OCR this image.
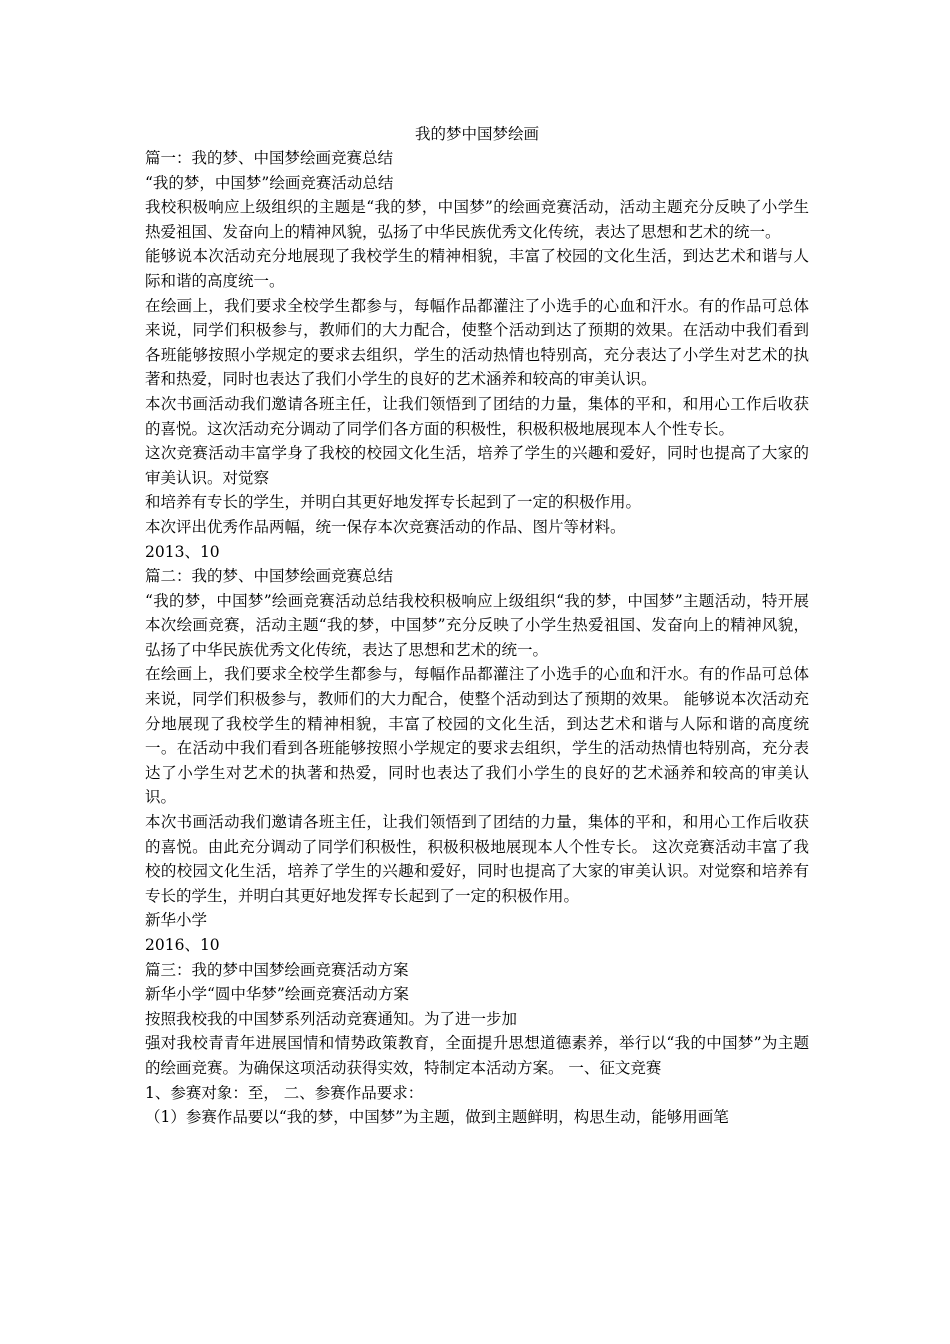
我的梦中国梦绘画

篇一：我的梦、中国梦绘画竞赛总结

“我的梦，中国梦”绘画竞赛活动总结

我校积极响应上级组织的主题是“我的梦，中国梦”的绘画竞赛活动，活动主题充分反映了小学生热爱祖国、发奋向上的精神风貌，弘扬了中华民族优秀文化传统，表达了思想和艺术的统一。

能够说本次活动充分地展现了我校学生的精神相貌，丰富了校园的文化生活，到达艺术和谐与人际和谐的高度统一。

在绘画上，我们要求全校学生都参与，每幅作品都灌注了小选手的心血和汗水。有的作品可总体来说，同学们积极参与，教师们的大力配合，使整个活动到达了预期的效果。在活动中我们看到各班能够按照小学规定的要求去组织，学生的活动热情也特别高，充分表达了小学生对艺术的执著和热爱，同时也表达了我们小学生的良好的艺术涵养和较高的审美认识。

本次书画活动我们邀请各班主任，让我们领悟到了团结的力量，集体的平和，和用心工作后收获的喜悦。这次活动充分调动了同学们各方面的积极性，积极积极地展现本人个性专长。

这次竞赛活动丰富学身了我校的校园文化生活，培养了学生的兴趣和爱好，同时也提高了大家的审美认识。对觉察

和培养有专长的学生，并明白其更好地发挥专长起到了一定的积极作用。

本次评出优秀作品两幅，统一保存本次竞赛活动的作品、图片等材料。

2013、10

篇二：我的梦、中国梦绘画竞赛总结

“我的梦，中国梦”绘画竞赛活动总结我校积极响应上级组织“我的梦，中国梦”主题活动，特开展本次绘画竞赛，活动主题“我的梦，中国梦”充分反映了小学生热爱祖国、发奋向上的精神风貌，弘扬了中华民族优秀文化传统，表达了思想和艺术的统一。

在绘画上，我们要求全校学生都参与，每幅作品都灌注了小选手的心血和汗水。有的作品可总体来说，同学们积极参与，教师们的大力配合，使整个活动到达了预期的效果。 能够说本次活动充分地展现了我校学生的精神相貌，丰富了校园的文化生活，到达艺术和谐与人际和谐的高度统一。在活动中我们看到各班能够按照小学规定的要求去组织，学生的活动热情也特别高，充分表达了小学生对艺术的执著和热爱，同时也表达了我们小学生的良好的艺术涵养和较高的审美认识。

本次书画活动我们邀请各班主任，让我们领悟到了团结的力量，集体的平和，和用心工作后收获的喜悦。由此充分调动了同学们积极性，积极积极地展现本人个性专长。 这次竞赛活动丰富了我校的校园文化生活，培养了学生的兴趣和爱好，同时也提高了大家的审美认识。对觉察和培养有专长的学生，并明白其更好地发挥专长起到了一定的积极作用。

新华小学

2016、10

篇三：我的梦中国梦绘画竞赛活动方案

新华小学“圆中华梦”绘画竞赛活动方案

按照我校我的中国梦系列活动竞赛通知。为了进一步加

强对我校青青年进展国情和情势政策教育，全面提升思想道德素养，举行以“我的中国梦”为主题的绘画竞赛。为确保这项活动获得实效，特制定本活动方案。 一、征文竞赛

1、参赛对象：至， 二、参赛作品要求：

（1）参赛作品要以“我的梦，中国梦”为主题，做到主题鲜明，构思生动，能够用画笔
